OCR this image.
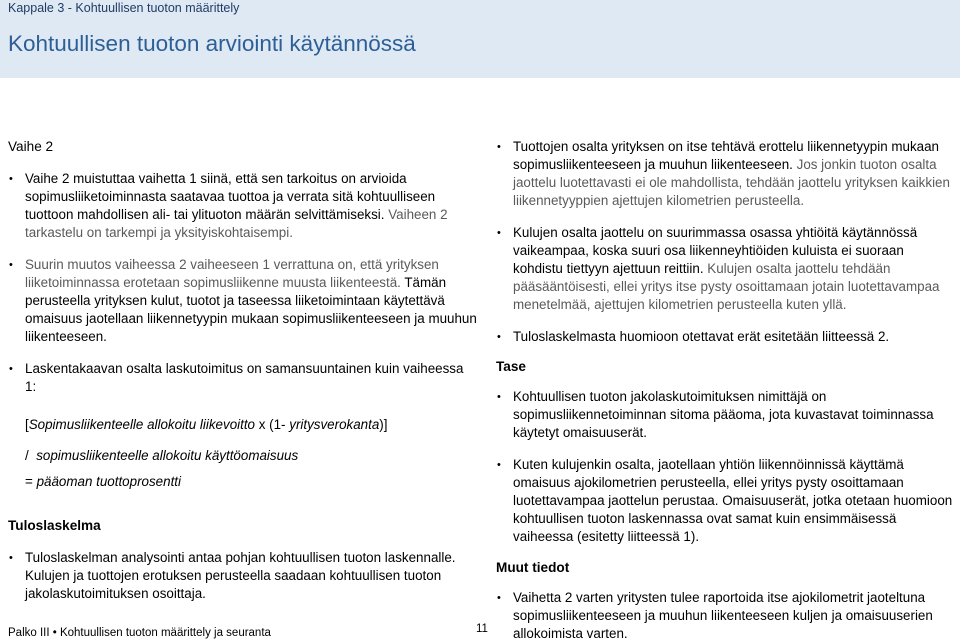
Kappale 3 - Kohtuullisen tuoton määrittely
Kohtuullisen tuoton arviointi käytännössä

Vaihe 2

• Vaihe 2 muistuttaa vaihetta 1 siinä, että sen tarkoitus on arvioida sopimusliiketoiminnasta saatavaa tuottoa ja verrata sitä kohtuulliseen tuottoon mahdollisen ali- tai ylituoton määrän selvittämiseksi. Vaiheen 2 tarkastelu on tarkempi ja yksityiskohtaisempi.
• Suurin muutos vaiheessa 2 vaiheeseen 1 verrattuna on, että yrityksen liiketoiminnassa erotetaan sopimusliikenne muusta liikenteestä. Tämän perusteella yrityksen kulut, tuotot ja taseessa liiketoimintaan käytettävä omaisuus jaotellaan liikennetyypin mukaan sopimusliikenteeseen ja muuhun liikenteeseen.
• Laskentakaavan osalta laskutoimitus on samansuuntainen kuin vaiheessa 1:

[Sopimusliikenteelle allokoitu liikevoitto x (1- yritysverokanta)]

/ sopimusliikenteelle allokoitu käyttöomaisuus

= pääoman tuottoprosentti

Tuloslaskelma

• Tuloslaskelman analysointi antaa pohjan kohtuullisen tuoton laskennalle. Kulujen ja tuottojen erotuksen perusteella saadaan kohtuullisen tuoton jakolaskutoimituksen osoittaja.
• Tuottojen osalta yrityksen on itse tehtävä erottelu liikennetyypin mukaan sopimusliikenteeseen ja muuhun liikenteeseen. Jos jonkin tuoton osalta jaottelu luotettavasti ei ole mahdollista, tehdään jaottelu yrityksen kaikkien liikennetyyppien ajettujen kilometrien perusteella.
• Kulujen osalta jaottelu on suurimmassa osassa yhtiöitä käytännössä vaikeampaa, koska suuri osa liikenneyhtiöiden kuluista ei suoraan kohdistu tiettyyn ajettuun reittiin. Kulujen osalta jaottelu tehdään pääsääntöisesti, ellei yritys itse pysty osoittamaan jotain luotettavampaa menetelmää, ajettujen kilometrien perusteella kuten yllä.
• Tuloslaskelmasta huomioon otettavat erät esitetään liitteessä 2.

Tase

• Kohtuullisen tuoton jakolaskutoimituksen nimittäjä on sopimusliikennetoiminnan sitoma pääoma, jota kuvastavat toiminnassa käytetyt omaisuuserät.
• Kuten kulujenkin osalta, jaotellaan yhtiön liikennöinnissä käyttämä omaisuus ajokilometrien perusteella, ellei yritys pysty osoittamaan luotettavampaa jaottelun perustaa. Omaisuuserät, jotka otetaan huomioon kohtuullisen tuoton laskennassa ovat samat kuin ensimmäisessä vaiheessa (esitetty liitteessä 1).

Muut tiedot

• Vaihetta 2 varten yritysten tulee raportoida itse ajokilometrit jaoteltuna sopimusliikenteeseen ja muuhun liikenteeseen kuljen ja omaisuuserien allokoimista varten.
Palko III • Kohtuullisen tuoton määrittely ja seuranta	11
